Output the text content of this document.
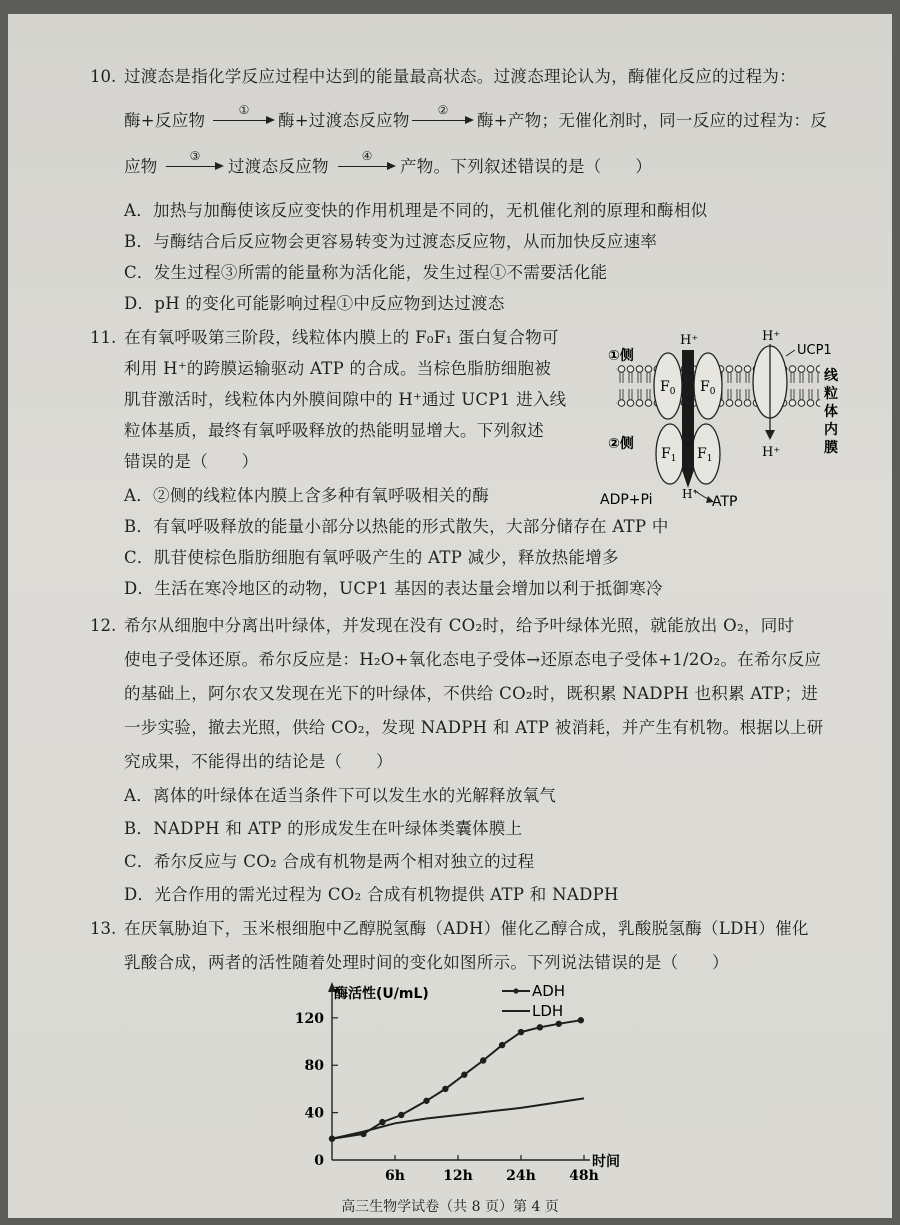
10. 过渡态是指化学反应过程中达到的能量最高状态。过渡态理论认为，酶催化反应的过程为：
酶+反应物
①
酶+过渡态反应物
②
酶+产物；无催化剂时，同一反应的过程为：反
应物
③
过渡态反应物
④
产物。下列叙述错误的是（　　）
A．加热与加酶使该反应变快的作用机理是不同的，无机催化剂的原理和酶相似
B．与酶结合后反应物会更容易转变为过渡态反应物，从而加快反应速率
C．发生过程③所需的能量称为活化能，发生过程①不需要活化能
D．pH 的变化可能影响过程①中反应物到达过渡态
11. 在有氧呼吸第三阶段，线粒体内膜上的 F₀F₁ 蛋白复合物可
利用 H⁺的跨膜运输驱动 ATP 的合成。当棕色脂肪细胞被
肌苷激活时，线粒体内外膜间隙中的 H⁺通过 UCP1 进入线
粒体基质，最终有氧呼吸释放的热能明显增大。下列叙述
错误的是（　　）
A．②侧的线粒体内膜上含多种有氧呼吸相关的酶
B．有氧呼吸释放的能量小部分以热能的形式散失，大部分储存在 ATP 中
C．肌苷使棕色脂肪细胞有氧呼吸产生的 ATP 减少，释放热能增多
D．生活在寒冷地区的动物，UCP1 基因的表达量会增加以利于抵御寒冷
$F_0$ $F_0$
$F_1$ $F_1$
①侧
②侧
H⁺	H⁺
UCP1
H⁺
H⁺
ADP+Pi	ATP
线
粒
体
内
膜
12. 希尔从细胞中分离出叶绿体，并发现在没有 CO₂时，给予叶绿体光照，就能放出 O₂，同时
使电子受体还原。希尔反应是：H₂O+氧化态电子受体→还原态电子受体+1/2O₂。在希尔反应
的基础上，阿尔农又发现在光下的叶绿体，不供给 CO₂时，既积累 NADPH 也积累 ATP；进
一步实验，撤去光照，供给 CO₂，发现 NADPH 和 ATP 被消耗，并产生有机物。根据以上研
究成果，不能得出的结论是（　　）
A．离体的叶绿体在适当条件下可以发生水的光解释放氧气
B．NADPH 和 ATP 的形成发生在叶绿体类囊体膜上
C．希尔反应与 CO₂ 合成有机物是两个相对独立的过程
D．光合作用的需光过程为 CO₂ 合成有机物提供 ATP 和 NADPH
13. 在厌氧胁迫下，玉米根细胞中乙醇脱氢酶（ADH）催化乙醇合成，乳酸脱氢酶（LDH）催化
乳酸合成，两者的活性随着处理时间的变化如图所示。下列说法错误的是（　　）
酶活性(U/mL)
时间
0
40
80
120
6h	12h 24h 48h
ADH
LDH
高三生物学试卷（共 8 页）第 4 页
